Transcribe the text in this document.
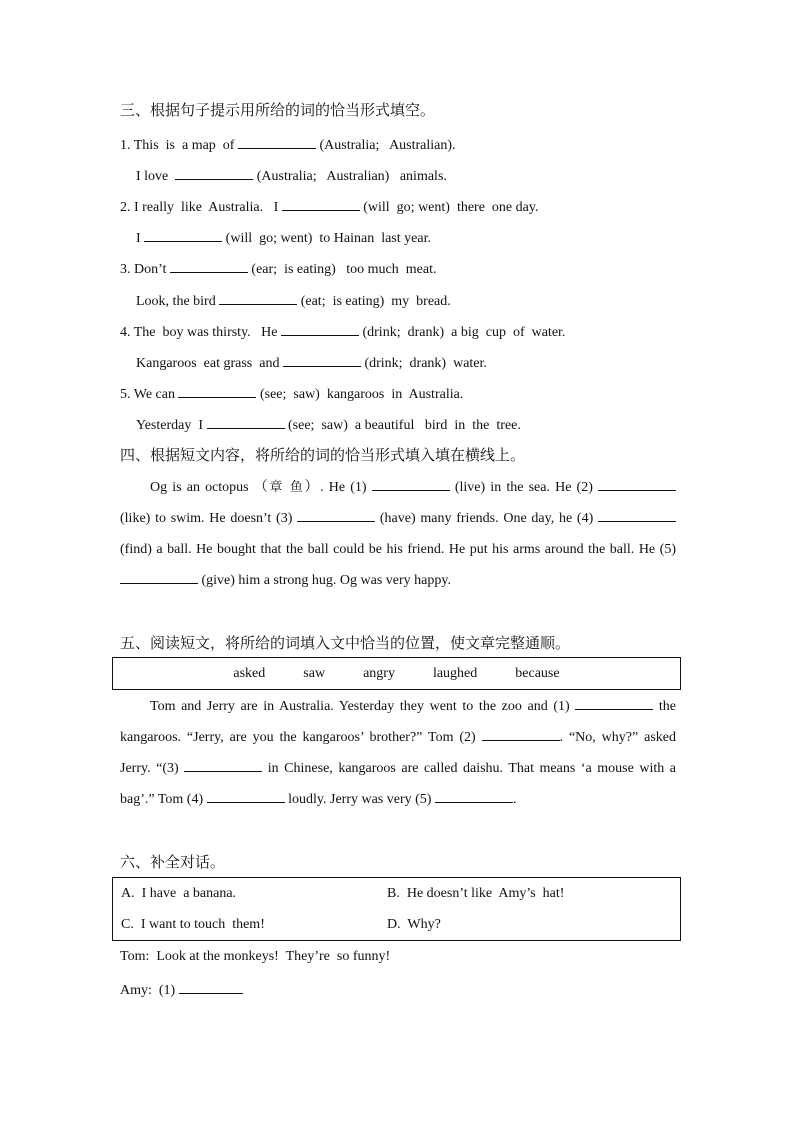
三、根据句子提示用所给的词的恰当形式填空。
1. This  is  a map  of	(Australia;   Australian).
I love	(Australia;   Australian)   animals.
2. I really  like  Australia.   I	(will  go; went)  there  one day.
I	(will  go; went)  to Hainan  last year.
3. Don’t	(ear;  is eating)   too much  meat.
Look, the bird	(eat;  is eating)  my  bread.
4. The  boy was thirsty.   He	(drink;  drank)  a big  cup  of  water.
Kangaroos  eat grass  and	(drink;  drank)  water.
5. We can	(see;  saw)  kangaroos  in  Australia.
Yesterday  I	(see;  saw)  a beautiful   bird  in  the  tree.
四、根据短文内容，将所给的词的恰当形式填入填在横线上。
Og is an octopus （章 鱼）. He (1)	(live) in the sea. He (2)  (like) to swim. He doesn’t (3)	(have) many friends. One day, he (4)  (find) a ball. He bought that the ball could be his friend. He put his arms around the ball. He (5)  (give) him a strong hug. Og was very happy.
五、阅读短文，将所给的词填入文中恰当的位置，使文章完整通顺。
asked	saw	angry	laughed	because
Tom and Jerry are in Australia. Yesterday they went to the zoo and (1)	the kangaroos. “Jerry, are you the kangaroos’ brother?” Tom (2)	. “No, why?” asked Jerry. “(3)	in Chinese, kangaroos are called daishu. That means ‘a mouse with a bag’.” Tom (4)	loudly. Jerry was very (5)	.
六、补全对话。
A.  I have  a banana.	B.  He doesn’t like  Amy’s  hat!
C.  I want to touch  them!	D.  Why?
Tom:  Look at the monkeys!  They’re  so funny!
Amy:  (1)
